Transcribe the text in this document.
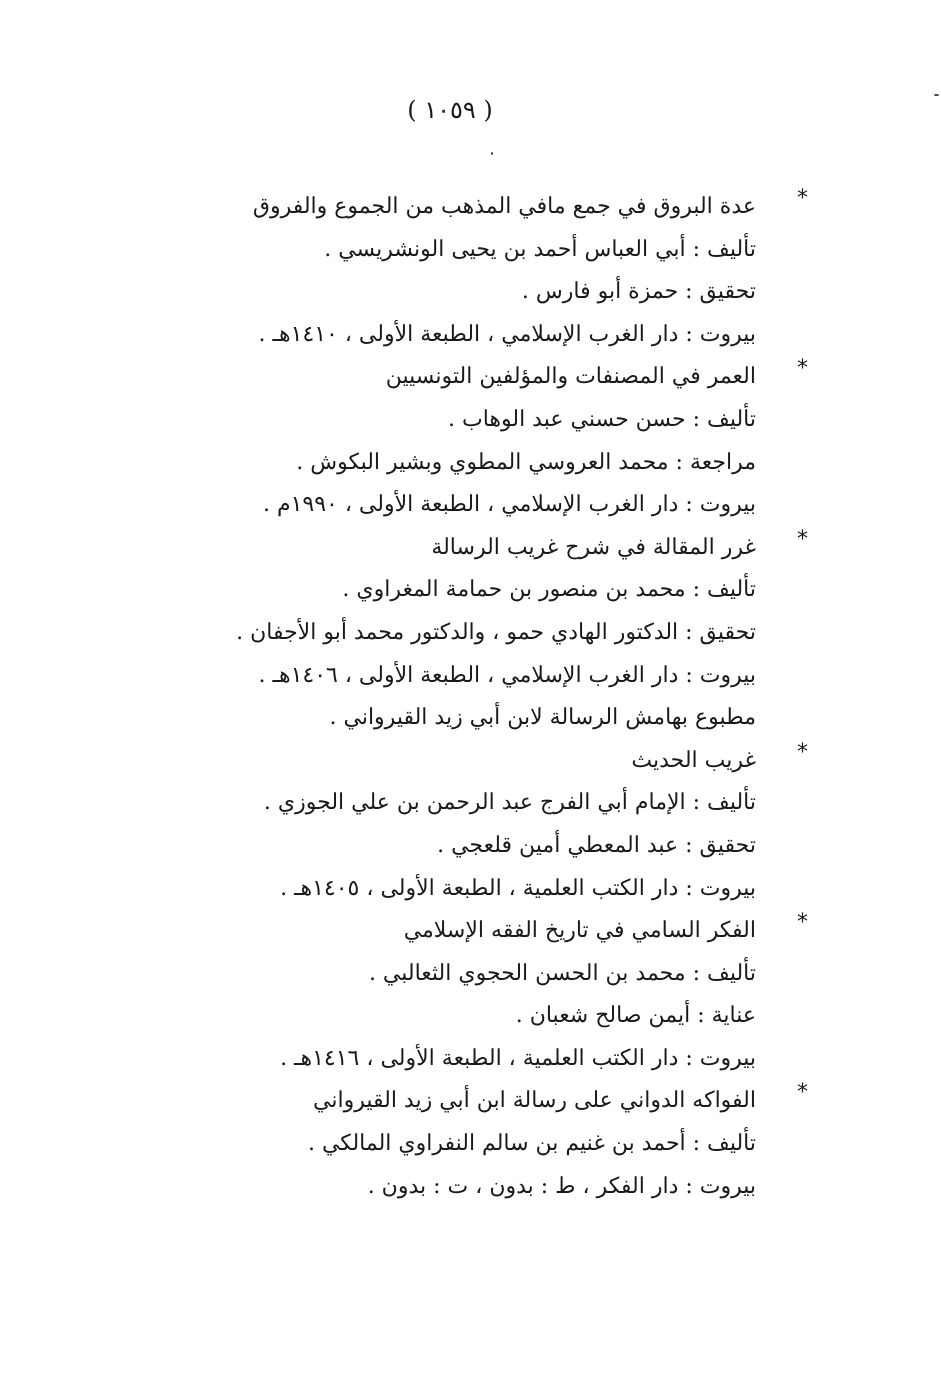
( ١٠٥٩ )
*
عدة البروق في جمع مافي المذهب من الجموع والفروق
تأليف : أبي العباس أحمد بن يحيى الونشريسي .
تحقيق : حمزة أبو فارس .
بيروت : دار الغرب الإسلامي ، الطبعة الأولى ، ١٤١٠هـ .
*
العمر في المصنفات والمؤلفين التونسيين
تأليف : حسن حسني عبد الوهاب .
مراجعة : محمد العروسي المطوي وبشير البكوش .
بيروت : دار الغرب الإسلامي ، الطبعة الأولى ، ١٩٩٠م .
*
غرر المقالة في شرح غريب الرسالة
تأليف : محمد بن منصور بن حمامة المغراوي .
تحقيق : الدكتور الهادي حمو ، والدكتور محمد أبو الأجفان .
بيروت : دار الغرب الإسلامي ، الطبعة الأولى ، ١٤٠٦هـ .
مطبوع بهامش الرسالة لابن أبي زيد القيرواني .
*
غريب الحديث
تأليف : الإمام أبي الفرج عبد الرحمن بن علي الجوزي .
تحقيق : عبد المعطي أمين قلعجي .
بيروت : دار الكتب العلمية ، الطبعة الأولى ، ١٤٠٥هـ .
*
الفكر السامي في تاريخ الفقه الإسلامي
تأليف : محمد بن الحسن الحجوي الثعالبي .
عناية : أيمن صالح شعبان .
بيروت : دار الكتب العلمية ، الطبعة الأولى ، ١٤١٦هـ .
*
الفواكه الدواني على رسالة ابن أبي زيد القيرواني
تأليف : أحمد بن غنيم بن سالم النفراوي المالكي .
بيروت : دار الفكر ، ط : بدون ، ت : بدون .
